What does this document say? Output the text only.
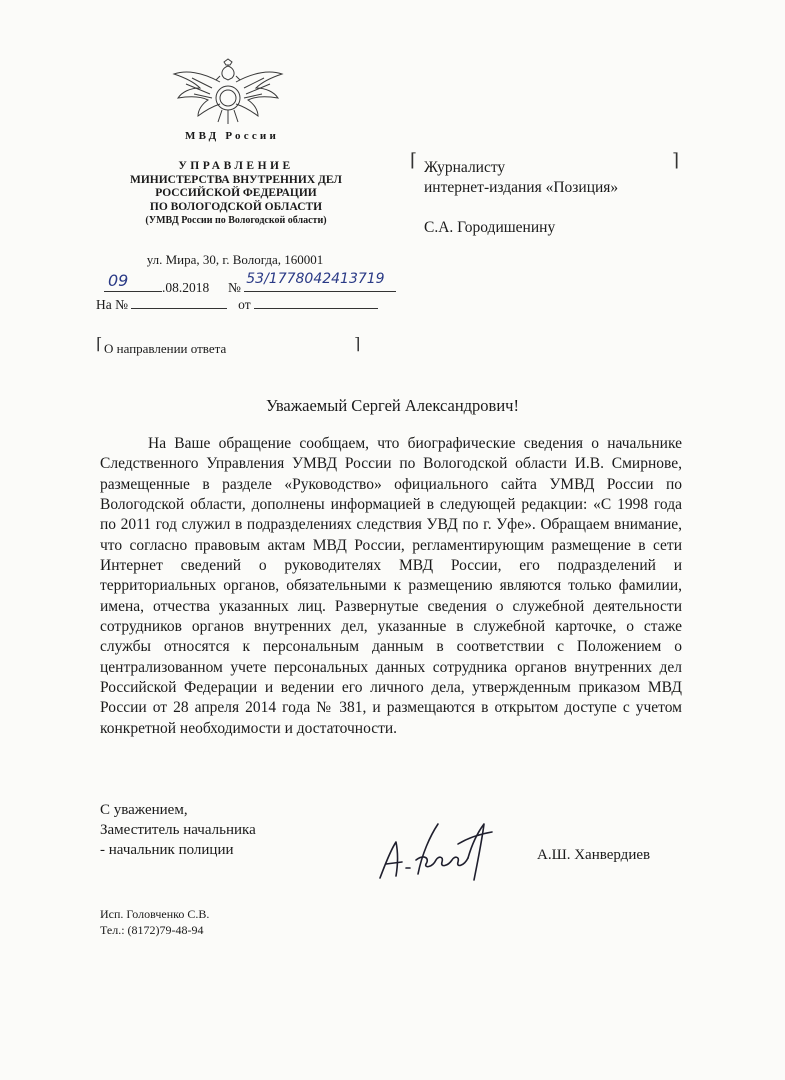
МВД России
УПРАВЛЕНИЕ
МИНИСТЕРСТВА ВНУТРЕННИХ ДЕЛ
РОССИЙСКОЙ ФЕДЕРАЦИИ
ПО ВОЛОГОДСКОЙ ОБЛАСТИ
(УМВД России по Вологодской области)
ул. Мира, 30, г. Вологда, 160001
09 .08.2018 №
53/1778042413719
На №	от
⌈	⌉
Журналисту
интернет-издания «Позиция»
С.А. Городишенину
⌈	⌉
О направлении ответа
Уважаемый Сергей Александрович!

На Ваше обращение сообщаем, что биографические сведения о начальнике Следственного Управления УМВД России по Вологодской области И.В. Смирнове, размещенные в разделе «Руководство» официального сайта УМВД России по Вологодской области, дополнены информацией в следующей редакции: «С 1998 года по 2011 год служил в подразделениях следствия УВД по г. Уфе». Обращаем внимание, что согласно правовым актам МВД России, регламентирующим размещение в сети Интернет сведений о руководителях МВД России, его подразделений и территориальных органов, обязательными к размещению являются только фамилии, имена, отчества указанных лиц. Развернутые сведения о служебной деятельности сотрудников органов внутренних дел, указанные в служебной карточке, о стаже службы относятся к персональным данным в соответствии с Положением о централизованном учете персональных данных сотрудника органов внутренних дел Российской Федерации и ведении его личного дела, утвержденным приказом МВД России от 28 апреля 2014 года № 381, и размещаются в открытом доступе с учетом конкретной необходимости и достаточности.

С уважением,
Заместитель начальника
- начальник полиции	А.Ш. Ханвердиев
Исп. Головченко С.В.
Тел.: (8172)79-48-94
